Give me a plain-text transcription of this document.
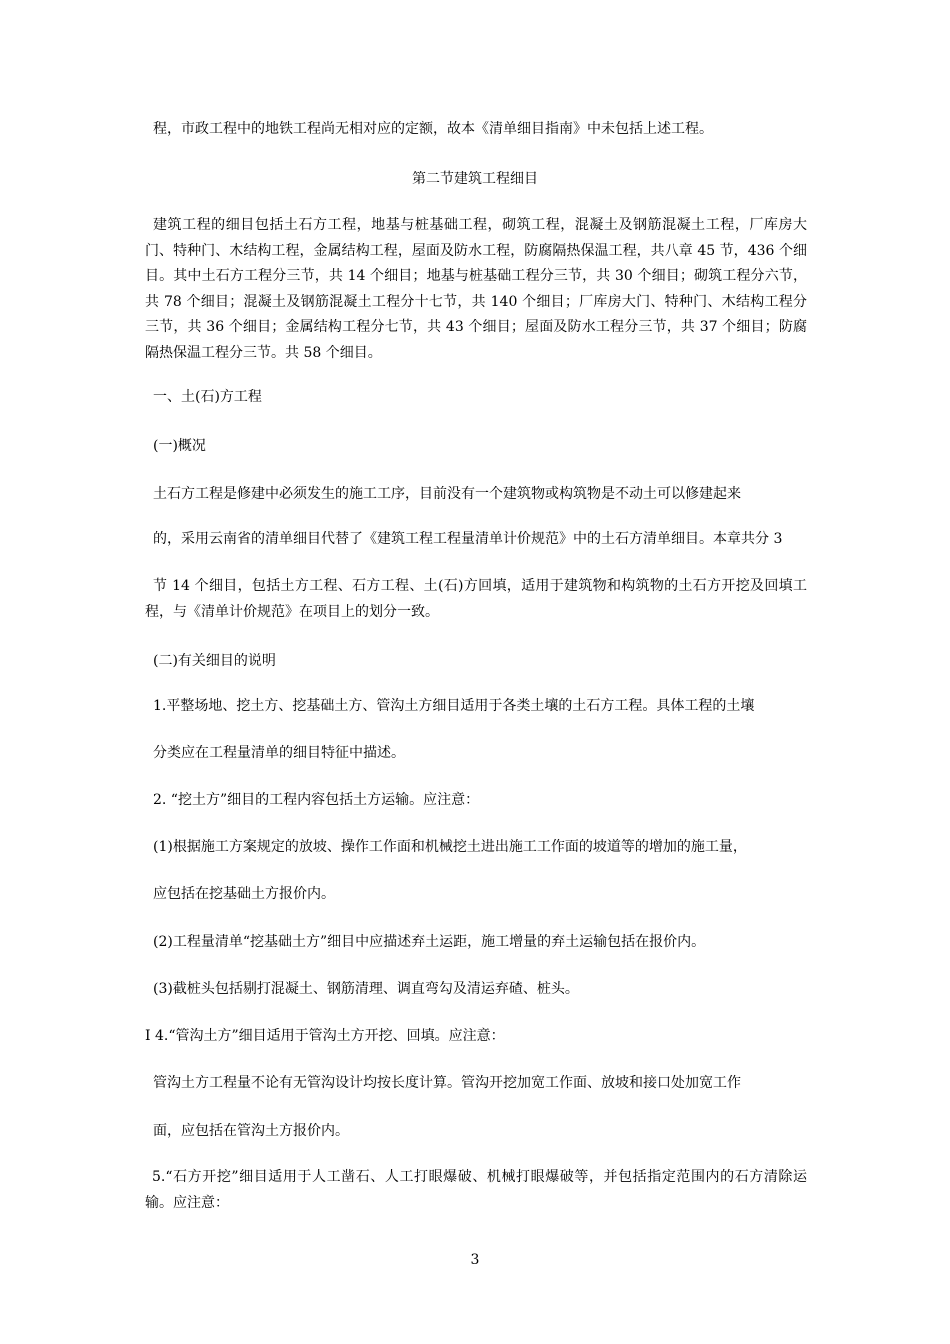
程，市政工程中的地铁工程尚无相对应的定额，故本《清单细目指南》中未包括上述工程。
第二节建筑工程细目
建筑工程的细目包括土石方工程，地基与桩基础工程，砌筑工程，混凝土及钢筋混凝土工程，厂库房大门、特种门、木结构工程，金属结构工程，屋面及防水工程，防腐隔热保温工程，共八章 45 节，436 个细目。其中土石方工程分三节，共 14 个细目；地基与桩基础工程分三节，共 30 个细目；砌筑工程分六节，共 78 个细目；混凝土及钢筋混凝土工程分十七节，共 140 个细目；厂库房大门、特种门、木结构工程分三节，共 36 个细目；金属结构工程分七节，共 43 个细目；屋面及防水工程分三节，共 37 个细目；防腐隔热保温工程分三节。共 58 个细目。
一、土(石)方工程
(一)概况
土石方工程是修建中必须发生的施工工序，目前没有一个建筑物或构筑物是不动土可以修建起来
的，采用云南省的清单细目代替了《建筑工程工程量清单计价规范》中的土石方清单细目。本章共分 3
节 14 个细目，包括土方工程、石方工程、土(石)方回填，适用于建筑物和构筑物的土石方开挖及回填工程，与《清单计价规范》在项目上的划分一致。
(二)有关细目的说明
1.平整场地、挖土方、挖基础土方、管沟土方细目适用于各类土壤的土石方工程。具体工程的土壤
分类应在工程量清单的细目特征中描述。
2. “挖土方”细目的工程内容包括土方运输。应注意：
(1)根据施工方案规定的放坡、操作工作面和机械挖土进出施工工作面的坡道等的增加的施工量，
应包括在挖基础土方报价内。
(2)工程量清单“挖基础土方”细目中应描述弃土运距，施工增量的弃土运输包括在报价内。
(3)截桩头包括剔打混凝土、钢筋清理、调直弯勾及清运弃碴、桩头。
I 4.“管沟土方”细目适用于管沟土方开挖、回填。应注意：
管沟土方工程量不论有无管沟设计均按长度计算。管沟开挖加宽工作面、放坡和接口处加宽工作
面，应包括在管沟土方报价内。
5.“石方开挖”细目适用于人工凿石、人工打眼爆破、机械打眼爆破等，并包括指定范围内的石方清除运输。应注意：
3
